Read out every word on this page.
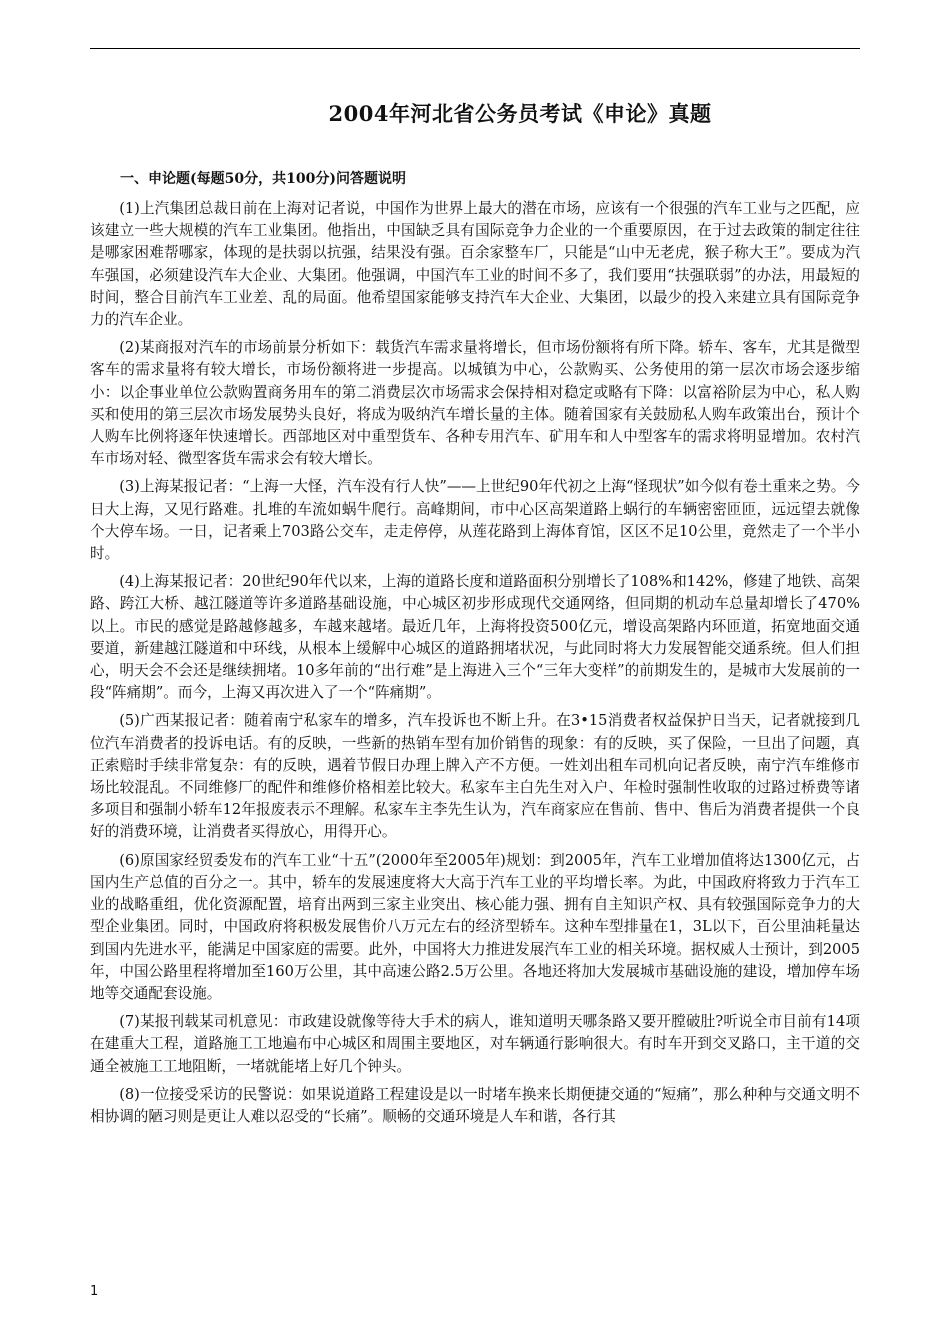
2004年河北省公务员考试《申论》真题
一、申论题(每题50分，共100分)问答题说明

(1)上汽集团总裁日前在上海对记者说，中国作为世界上最大的潜在市场，应该有一个很强的汽车工业与之匹配，应该建立一些大规模的汽车工业集团。他指出，中国缺乏具有国际竞争力企业的一个重要原因，在于过去政策的制定往往是哪家困难帮哪家，体现的是扶弱以抗强，结果没有强。百余家整车厂，只能是“山中无老虎，猴子称大王”。要成为汽车强国，必须建设汽车大企业、大集团。他强调，中国汽车工业的时间不多了，我们要用“扶强联弱”的办法，用最短的时间，整合目前汽车工业差、乱的局面。他希望国家能够支持汽车大企业、大集团，以最少的投入来建立具有国际竞争力的汽车企业。

(2)某商报对汽车的市场前景分析如下：载货汽车需求量将增长，但市场份额将有所下降。轿车、客车，尤其是微型客车的需求量将有较大增长，市场份额将进一步提高。以城镇为中心，公款购买、公务使用的第一层次市场会逐步缩小：以企事业单位公款购置商务用车的第二消费层次市场需求会保持相对稳定或略有下降：以富裕阶层为中心，私人购买和使用的第三层次市场发展势头良好，将成为吸纳汽车增长量的主体。随着国家有关鼓励私人购车政策出台，预计个人购车比例将逐年快速增长。西部地区对中重型货车、各种专用汽车、矿用车和人中型客车的需求将明显增加。农村汽车市场对轻、微型客货车需求会有较大增长。

(3)上海某报记者：“上海一大怪，汽车没有行人快”——上世纪90年代初之上海“怪现状”如今似有卷土重来之势。今日大上海，又见行路难。扎堆的车流如蜗牛爬行。高峰期间，市中心区高架道路上蜗行的车辆密密匝匝，远远望去就像个大停车场。一日，记者乘上703路公交车，走走停停，从莲花路到上海体育馆，区区不足10公里，竟然走了一个半小时。

(4)上海某报记者：20世纪90年代以来，上海的道路长度和道路面积分别增长了108%和142%，修建了地铁、高架路、跨江大桥、越江隧道等许多道路基础设施，中心城区初步形成现代交通网络，但同期的机动车总量却增长了470%以上。市民的感觉是路越修越多，车越来越堵。最近几年，上海将投资500亿元，增设高架路内环匝道，拓宽地面交通要道，新建越江隧道和中环线，从根本上缓解中心城区的道路拥堵状况，与此同时将大力发展智能交通系统。但人们担心，明天会不会还是继续拥堵。10多年前的“出行难”是上海进入三个“三年大变样”的前期发生的，是城市大发展前的一段“阵痛期”。而今，上海又再次进入了一个“阵痛期”。

(5)广西某报记者：随着南宁私家车的增多，汽车投诉也不断上升。在3•15消费者权益保护日当天，记者就接到几位汽车消费者的投诉电话。有的反映，一些新的热销车型有加价销售的现象：有的反映，买了保险，一旦出了问题，真正索赔时手续非常复杂：有的反映，遇着节假日办理上牌入产不方便。一姓刘出租车司机向记者反映，南宁汽车维修市场比较混乱。不同维修厂的配件和维修价格相差比较大。私家车主白先生对入户、年检时强制性收取的过路过桥费等诸多项目和强制小轿车12年报废表示不理解。私家车主李先生认为，汽车商家应在售前、售中、售后为消费者提供一个良好的消费环境，让消费者买得放心，用得开心。

(6)原国家经贸委发布的汽车工业“十五”(2000年至2005年)规划：到2005年，汽车工业增加值将达1300亿元，占国内生产总值的百分之一。其中，轿车的发展速度将大大高于汽车工业的平均增长率。为此，中国政府将致力于汽车工业的战略重组，优化资源配置，培育出两到三家主业突出、核心能力强、拥有自主知识产权、具有较强国际竞争力的大型企业集团。同时，中国政府将积极发展售价八万元左右的经济型轿车。这种车型排量在1，3L以下，百公里油耗量达到国内先进水平，能满足中国家庭的需要。此外，中国将大力推进发展汽车工业的相关环境。据权威人士预计，到2005年，中国公路里程将增加至160万公里，其中高速公路2.5万公里。各地还将加大发展城市基础设施的建设，增加停车场地等交通配套设施。

(7)某报刊载某司机意见：市政建设就像等待大手术的病人，谁知道明天哪条路又要开膛破肚?听说全市目前有14项在建重大工程，道路施工工地遍布中心城区和周围主要地区，对车辆通行影响很大。有时车开到交叉路口，主干道的交通全被施工工地阻断，一堵就能堵上好几个钟头。

(8)一位接受采访的民警说：如果说道路工程建设是以一时堵车换来长期便捷交通的“短痛”，那么种种与交通文明不相协调的陋习则是更让人难以忍受的“长痛”。顺畅的交通环境是人车和谐，各行其

1
